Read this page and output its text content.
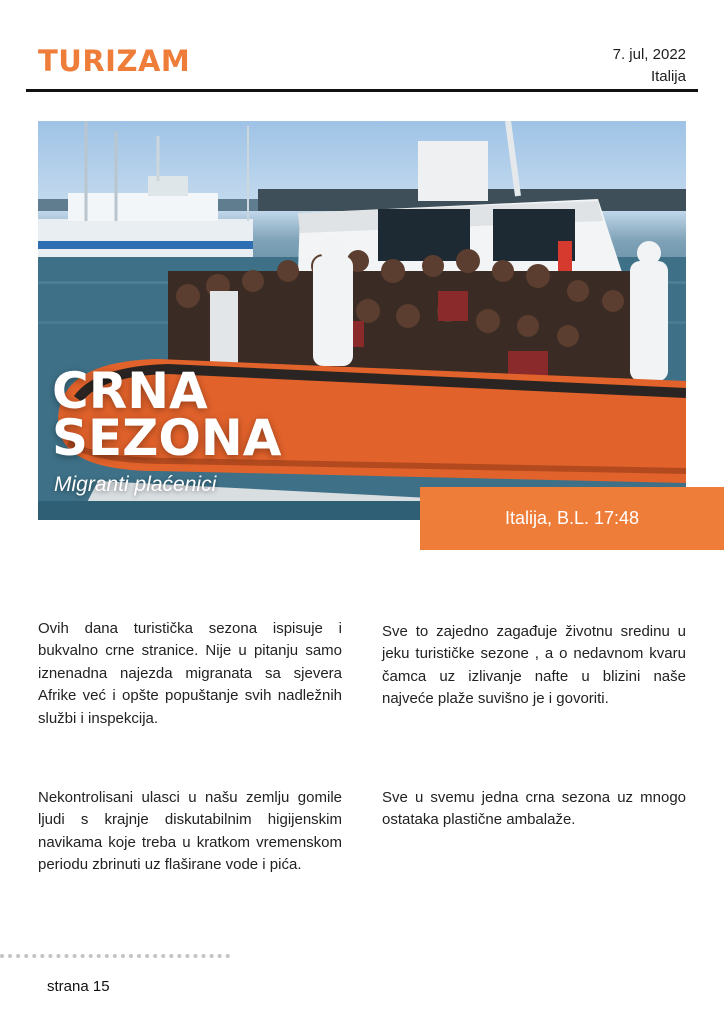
TURIZAM	7. jul, 2022
Italija
CRNA
SEZONA
Migranti plaćenici
Italija, B.L. 17:48

Ovih dana turistička sezona ispisuje i bukvalno crne stranice. Nije u pitanju samo iznenadna najezda migranata sa sjevera Afrike već i opšte popuštanje svih nadležnih službi i inspekcija.

Nekontrolisani ulasci u našu zemlju gomile ljudi s krajnje diskutabilnim higijenskim navikama koje treba u kratkom vremenskom periodu zbrinuti uz flaširane vode i pića.

Sve to zajedno zagađuje životnu sredinu u jeku turističke sezone , a o nedavnom kvaru čamca uz izlivanje nafte u blizini naše najveće plaže suvišno je i govoriti.

Sve u svemu jedna crna sezona uz mnogo ostataka plastične ambalaže.

strana 15
